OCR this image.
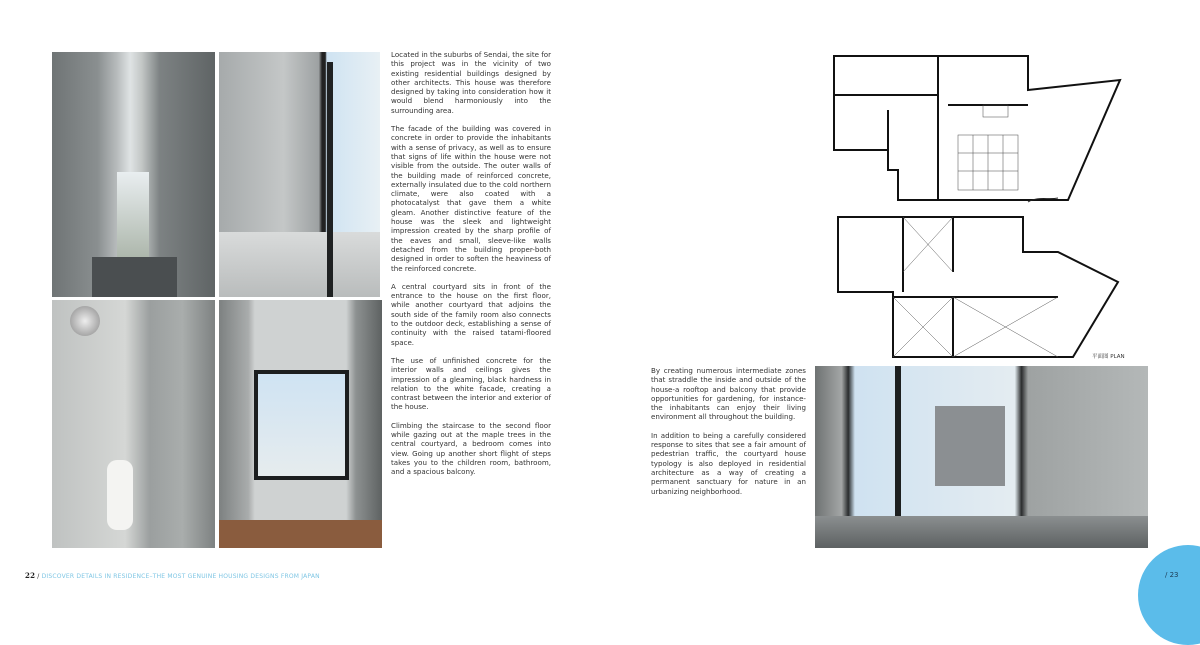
Located in the suburbs of Sendai, the site for this project was in the vicinity of two existing residential buildings designed by other architects. This house was therefore designed by taking into consideration how it would blend harmoniously into the surrounding area.

The facade of the building was covered in concrete in order to provide the inhabitants with a sense of privacy, as well as to ensure that signs of life within the house were not visible from the outside. The outer walls of the building made of reinforced concrete, externally insulated due to the cold northern climate, were also coated with a photocatalyst that gave them a white gleam. Another distinctive feature of the house was the sleek and lightweight impression created by the sharp profile of the eaves and small, sleeve-like walls detached from the building proper-both designed in order to soften the heaviness of the reinforced concrete.

A central courtyard sits in front of the entrance to the house on the first floor, while another courtyard that adjoins the south side of the family room also connects to the outdoor deck, establishing a sense of continuity with the raised tatami-floored space.

The use of unfinished concrete for the interior walls and ceilings gives the impression of a gleaming, black hardness in relation to the white facade, creating a contrast between the interior and exterior of the house.

Climbing the staircase to the second floor while gazing out at the maple trees in the central courtyard, a bedroom comes into view. Going up another short flight of steps takes you to the children room, bathroom, and a spacious balcony.

22 / DISCOVER DETAILS IN RESIDENCE–THE MOST GENUINE HOUSING DESIGNS FROM JAPAN
平面图 PLAN

By creating numerous intermediate zones that straddle the inside and outside of the house-a rooftop and balcony that provide opportunities for gardening, for instance-the inhabitants can enjoy their living environment all throughout the building.

In addition to being a carefully considered response to sites that see a fair amount of pedestrian traffic, the courtyard house typology is also deployed in residential architecture as a way of creating a permanent sanctuary for nature in an urbanizing neighborhood.

/ 23
